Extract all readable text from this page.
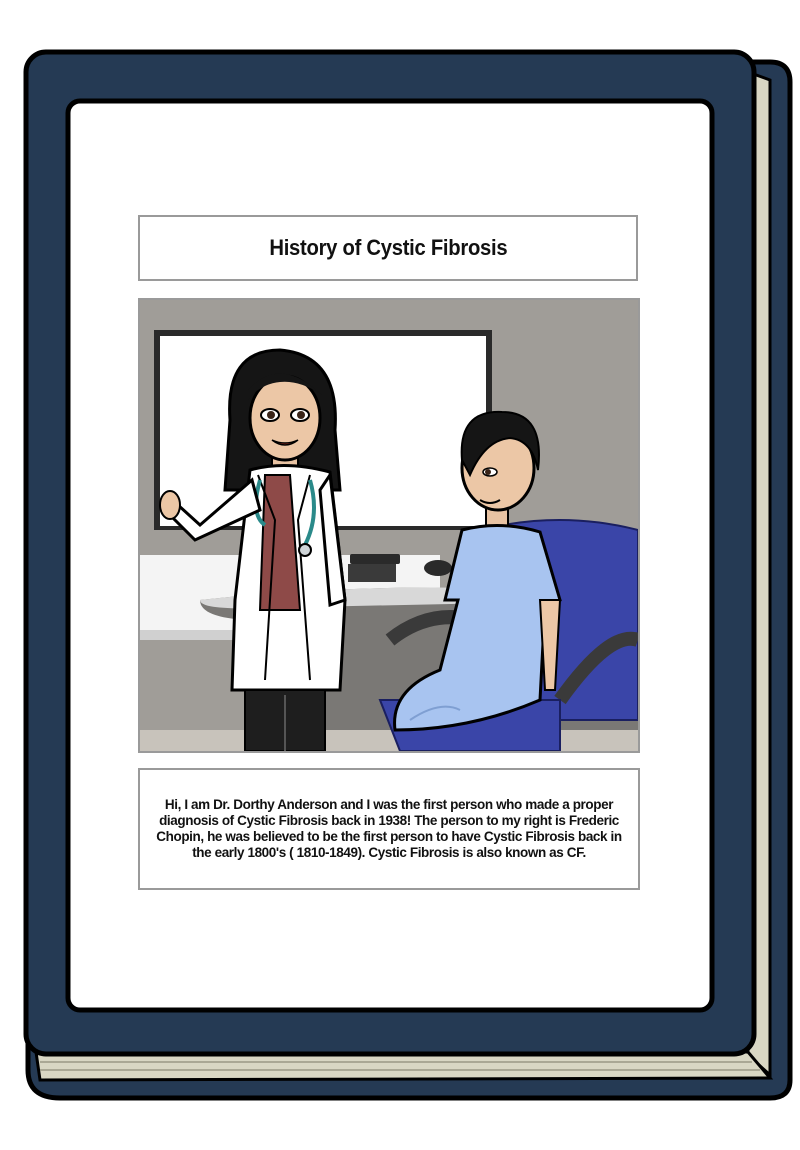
History of Cystic Fibrosis
Hi, I am Dr. Dorthy Anderson and I was the first person who made a proper diagnosis of Cystic Fibrosis back in 1938! The person to my right is Frederic Chopin, he was believed to be the first person to have Cystic Fibrosis back in the early 1800's ( 1810-1849). Cystic Fibrosis is also known as CF.
